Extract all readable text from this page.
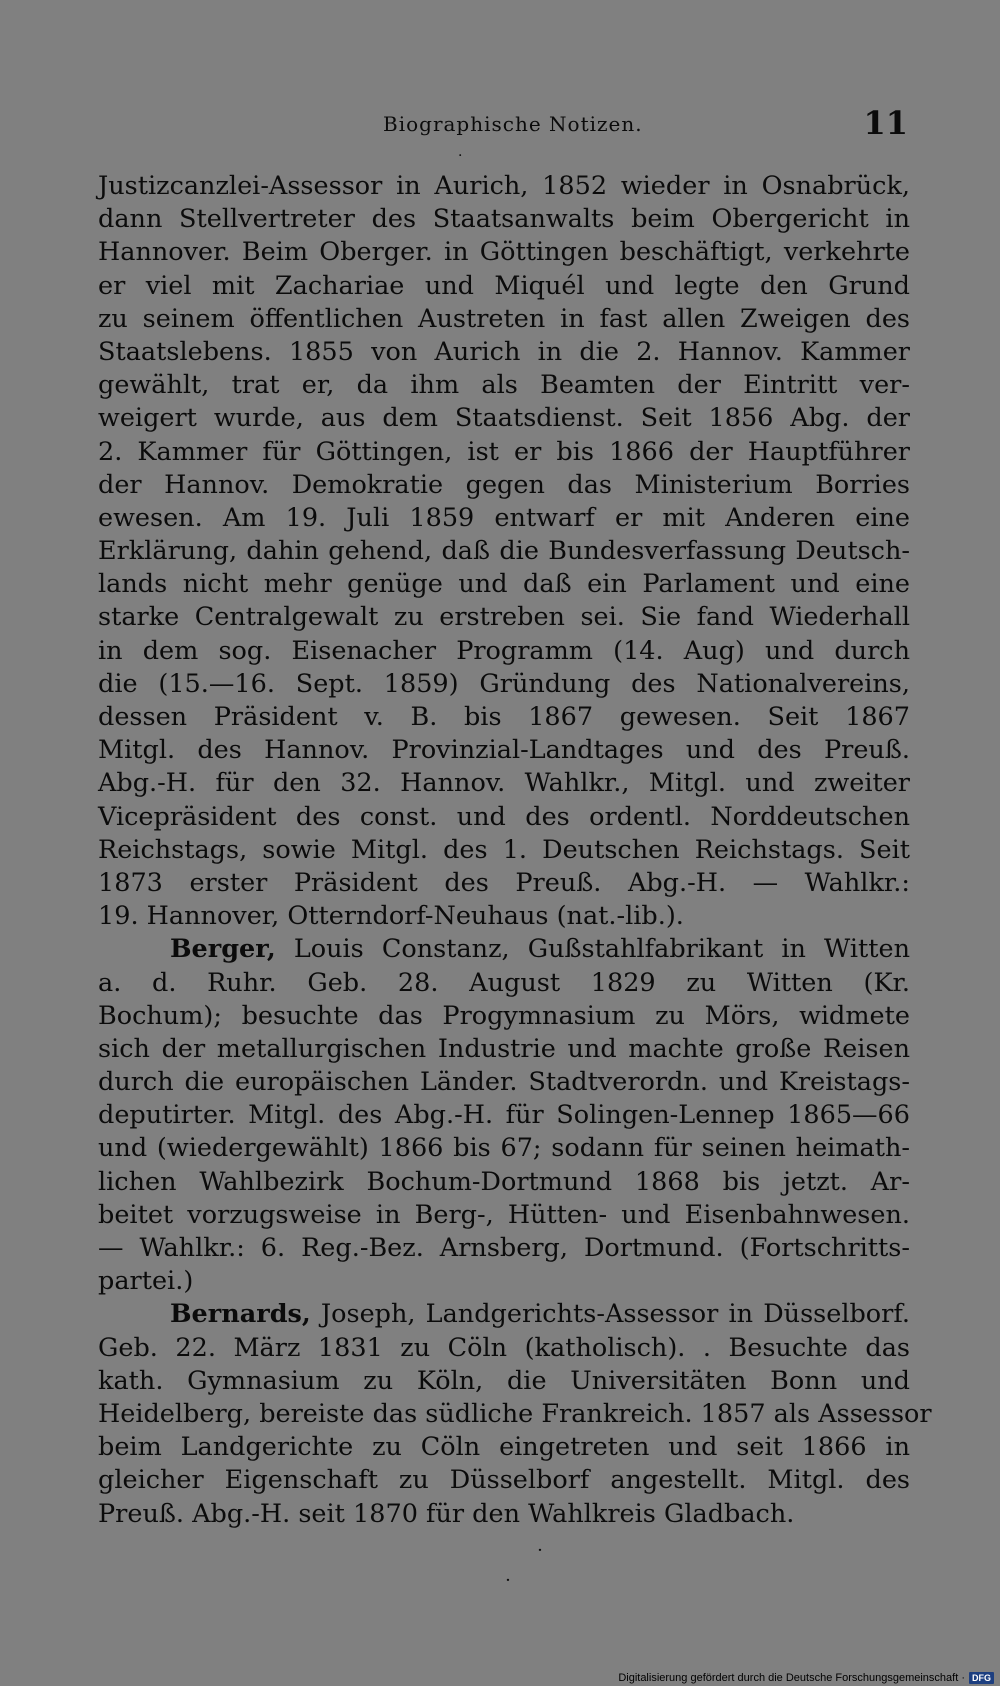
Biographische Notizen.	11
·
Justizcanzlei-Assessor in Aurich, 1852 wieder in Osnabrück,
dann Stellvertreter des Staatsanwalts beim Obergericht in
Hannover. Beim Oberger. in Göttingen beschäftigt, verkehrte
er viel mit Zachariae und Miquél und legte den Grund
zu seinem öffentlichen Austreten in fast allen Zweigen des
Staatslebens. 1855 von Aurich in die 2. Hannov. Kammer
gewählt, trat er, da ihm als Beamten der Eintritt ver-
weigert wurde, aus dem Staatsdienst. Seit 1856 Abg. der
2. Kammer für Göttingen, ist er bis 1866 der Hauptführer
der Hannov. Demokratie gegen das Ministerium Borries
ewesen. Am 19. Juli 1859 entwarf er mit Anderen eine
Erklärung, dahin gehend, daß die Bundesverfassung Deutsch-
lands nicht mehr genüge und daß ein Parlament und eine
starke Centralgewalt zu erstreben sei. Sie fand Wiederhall
in dem sog. Eisenacher Programm (14. Aug) und durch
die (15.—16. Sept. 1859) Gründung des Nationalvereins,
dessen Präsident v. B. bis 1867 gewesen. Seit 1867
Mitgl. des Hannov. Provinzial-Landtages und des Preuß.
Abg.-H. für den 32. Hannov. Wahlkr., Mitgl. und zweiter
Vicepräsident des const. und des ordentl. Norddeutschen
Reichstags, sowie Mitgl. des 1. Deutschen Reichstags. Seit
1873 erster Präsident des Preuß. Abg.-H. — Wahlkr.:
19. Hannover, Otterndorf-Neuhaus (nat.-lib.).
Berger, Louis Constanz, Gußstahlfabrikant in Witten
a. d. Ruhr. Geb. 28. August 1829 zu Witten (Kr.
Bochum); besuchte das Progymnasium zu Mörs, widmete
sich der metallurgischen Industrie und machte große Reisen
durch die europäischen Länder. Stadtverordn. und Kreistags-
deputirter. Mitgl. des Abg.-H. für Solingen-Lennep 1865—66
und (wiedergewählt) 1866 bis 67; sodann für seinen heimath-
lichen Wahlbezirk Bochum-Dortmund 1868 bis jetzt. Ar-
beitet vorzugsweise in Berg-, Hütten- und Eisenbahnwesen.
— Wahlkr.: 6. Reg.-Bez. Arnsberg, Dortmund. (Fortschritts-
partei.)
Bernards, Joseph, Landgerichts-Assessor in Düsselborf.
Geb. 22. März 1831 zu Cöln (katholisch). . Besuchte das
kath. Gymnasium zu Köln, die Universitäten Bonn und
Heidelberg, bereiste das südliche Frankreich. 1857 als Assessor
beim Landgerichte zu Cöln eingetreten und seit 1866 in
gleicher Eigenschaft zu Düsselborf angestellt. Mitgl. des
Preuß. Abg.-H. seit 1870 für den Wahlkreis Gladbach.
·
·
Digitalisierung gefördert durch die Deutsche Forschungsgemeinschaft · DFG
